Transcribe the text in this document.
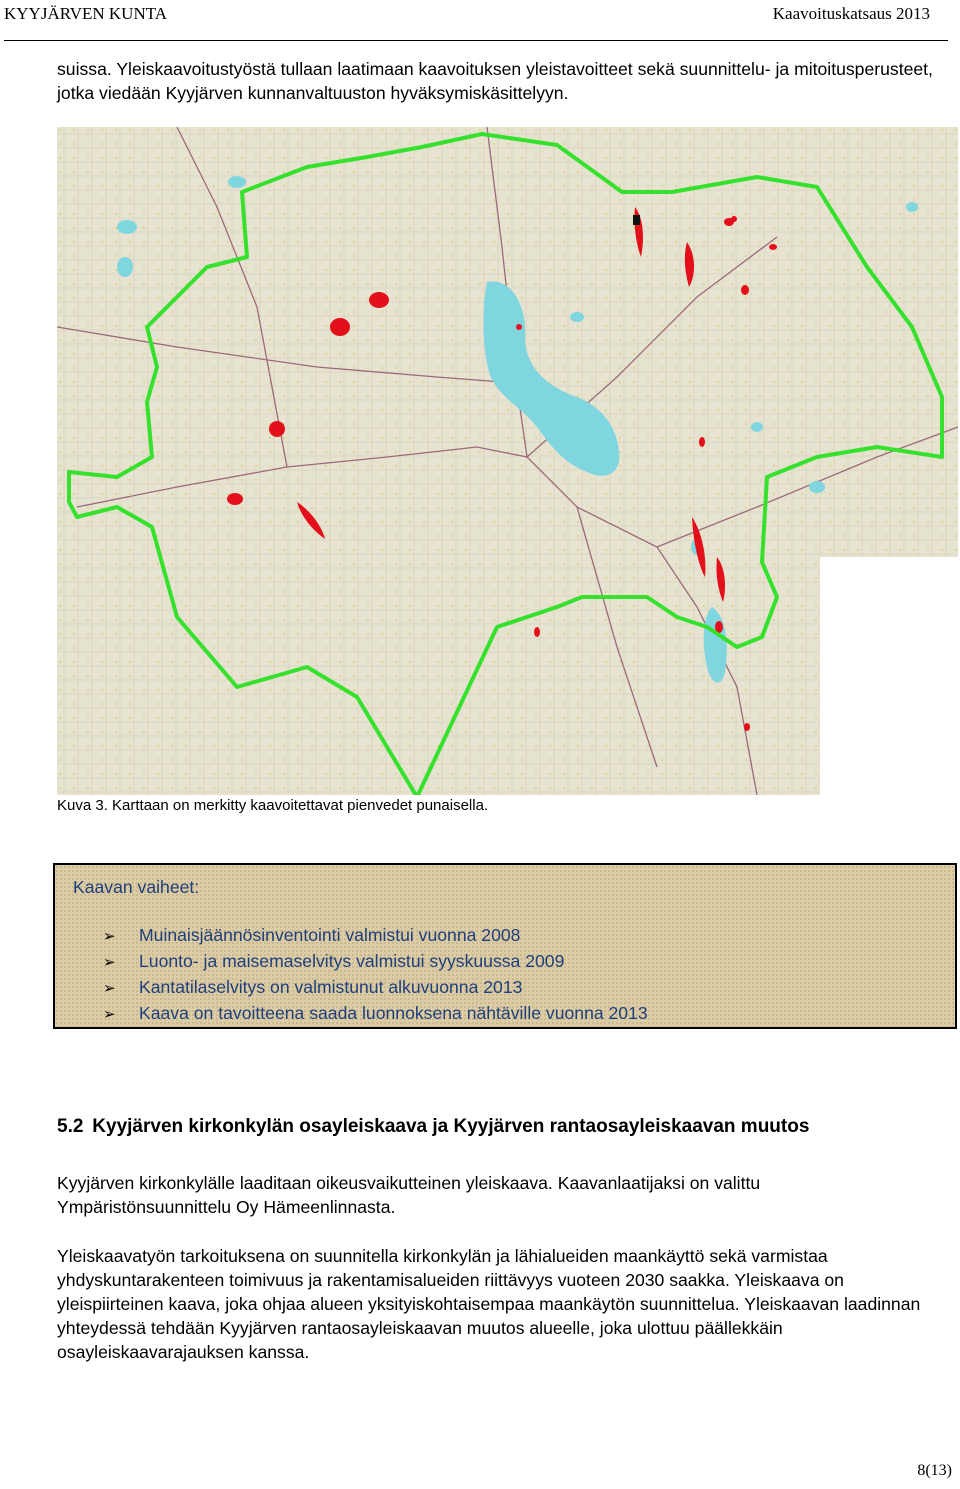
KYYJÄRVEN KUNTA	Kaavoituskatsaus 2013
suissa. Yleiskaavoitustyöstä tullaan laatimaan kaavoituksen yleistavoitteet sekä suunnittelu- ja mitoitusperusteet, jotka viedään Kyyjärven kunnanvaltuuston hyväksymiskäsittelyyn.
Kuva 3. Karttaan on merkitty kaavoitettavat pienvedet punaisella.
Kaavan vaiheet:
➢ Muinaisjäännösinventointi valmistui vuonna 2008
➢ Luonto- ja maisemaselvitys valmistui syyskuussa 2009
➢ Kantatilaselvitys on valmistunut alkuvuonna 2013
➢ Kaava on tavoitteena saada luonnoksena nähtäville vuonna 2013
5.2 Kyyjärven kirkonkylän osayleiskaava ja Kyyjärven rantaosayleiskaavan muutos
Kyyjärven kirkonkylälle laaditaan oikeusvaikutteinen yleiskaava. Kaavanlaatijaksi on valittu Ympäristönsuunnittelu Oy Hämeenlinnasta.
Yleiskaavatyön tarkoituksena on suunnitella kirkonkylän ja lähialueiden maankäyttö sekä varmistaa yhdyskuntarakenteen toimivuus ja rakentamisalueiden riittävyys vuoteen 2030 saakka. Yleiskaava on yleispiirteinen kaava, joka ohjaa alueen yksityiskohtaisempaa maankäytön suunnittelua. Yleiskaavan laadinnan yhteydessä tehdään Kyyjärven rantaosayleiskaavan muutos alueelle, joka ulottuu päällekkäin osayleiskaavarajauksen kanssa.
8(13)
